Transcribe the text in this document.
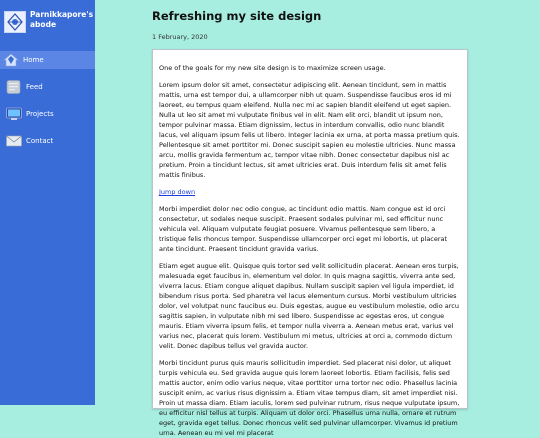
Parnikkapore's abode
Home
Feed
Projects
Contact
Refreshing my site design
1 February, 2020

One of the goals for my new site design is to maximize screen usage.

Lorem ipsum dolor sit amet, consectetur adipiscing elit. Aenean tincidunt, sem in mattis mattis, urna est tempor dui, a ullamcorper nibh ut quam. Suspendisse faucibus eros id mi laoreet, eu tempus quam eleifend. Nulla nec mi ac sapien blandit eleifend ut eget sapien. Nulla ut leo sit amet mi vulputate finibus vel in elit. Nam elit orci, blandit ut ipsum non, tempor pulvinar massa. Etiam dignissim, lectus in interdum convallis, odio nunc blandit lacus, vel aliquam ipsum felis ut libero. Integer lacinia ex urna, at porta massa pretium quis. Pellentesque sit amet porttitor mi. Donec suscipit sapien eu molestie ultricies. Nunc massa arcu, mollis gravida fermentum ac, tempor vitae nibh. Donec consectetur dapibus nisl ac pretium. Proin a tincidunt lectus, sit amet ultricies erat. Duis interdum felis sit amet felis mattis finibus.

Jump down

Morbi imperdiet dolor nec odio congue, ac tincidunt odio mattis. Nam congue est id orci consectetur, ut sodales neque suscipit. Praesent sodales pulvinar mi, sed efficitur nunc vehicula vel. Aliquam vulputate feugiat posuere. Vivamus pellentesque sem libero, a tristique felis rhoncus tempor. Suspendisse ullamcorper orci eget mi lobortis, ut placerat ante tincidunt. Praesent tincidunt gravida varius.

Etiam eget augue elit. Quisque quis tortor sed velit sollicitudin placerat. Aenean eros turpis, malesuada eget faucibus in, elementum vel dolor. In quis magna sagittis, viverra ante sed, viverra lacus. Etiam congue aliquet dapibus. Nullam suscipit sapien vel ligula imperdiet, id bibendum risus porta. Sed pharetra vel lacus elementum cursus. Morbi vestibulum ultricies dolor, vel volutpat nunc faucibus eu. Duis egestas, augue eu vestibulum molestie, odio arcu sagittis sapien, in vulputate nibh mi sed libero. Suspendisse ac egestas eros, ut congue mauris. Etiam viverra ipsum felis, et tempor nulla viverra a. Aenean metus erat, varius vel varius nec, placerat quis lorem. Vestibulum mi metus, ultricies at orci a, commodo dictum velit. Donec dapibus tellus vel gravida auctor.

Morbi tincidunt purus quis mauris sollicitudin imperdiet. Sed placerat nisi dolor, ut aliquet turpis vehicula eu. Sed gravida augue quis lorem laoreet lobortis. Etiam facilisis, felis sed mattis auctor, enim odio varius neque, vitae porttitor urna tortor nec odio. Phasellus lacinia suscipit enim, ac varius risus dignissim a. Etiam vitae tempus diam, sit amet imperdiet nisi. Proin ut massa diam. Etiam iaculis, lorem sed pulvinar rutrum, risus neque vulputate ipsum, eu efficitur nisl tellus at turpis. Aliquam ut dolor orci. Phasellus urna nulla, ornare et rutrum eget, gravida eget tellus. Donec rhoncus velit sed pulvinar ullamcorper. Vivamus id pretium urna. Aenean eu mi vel mi placerat
